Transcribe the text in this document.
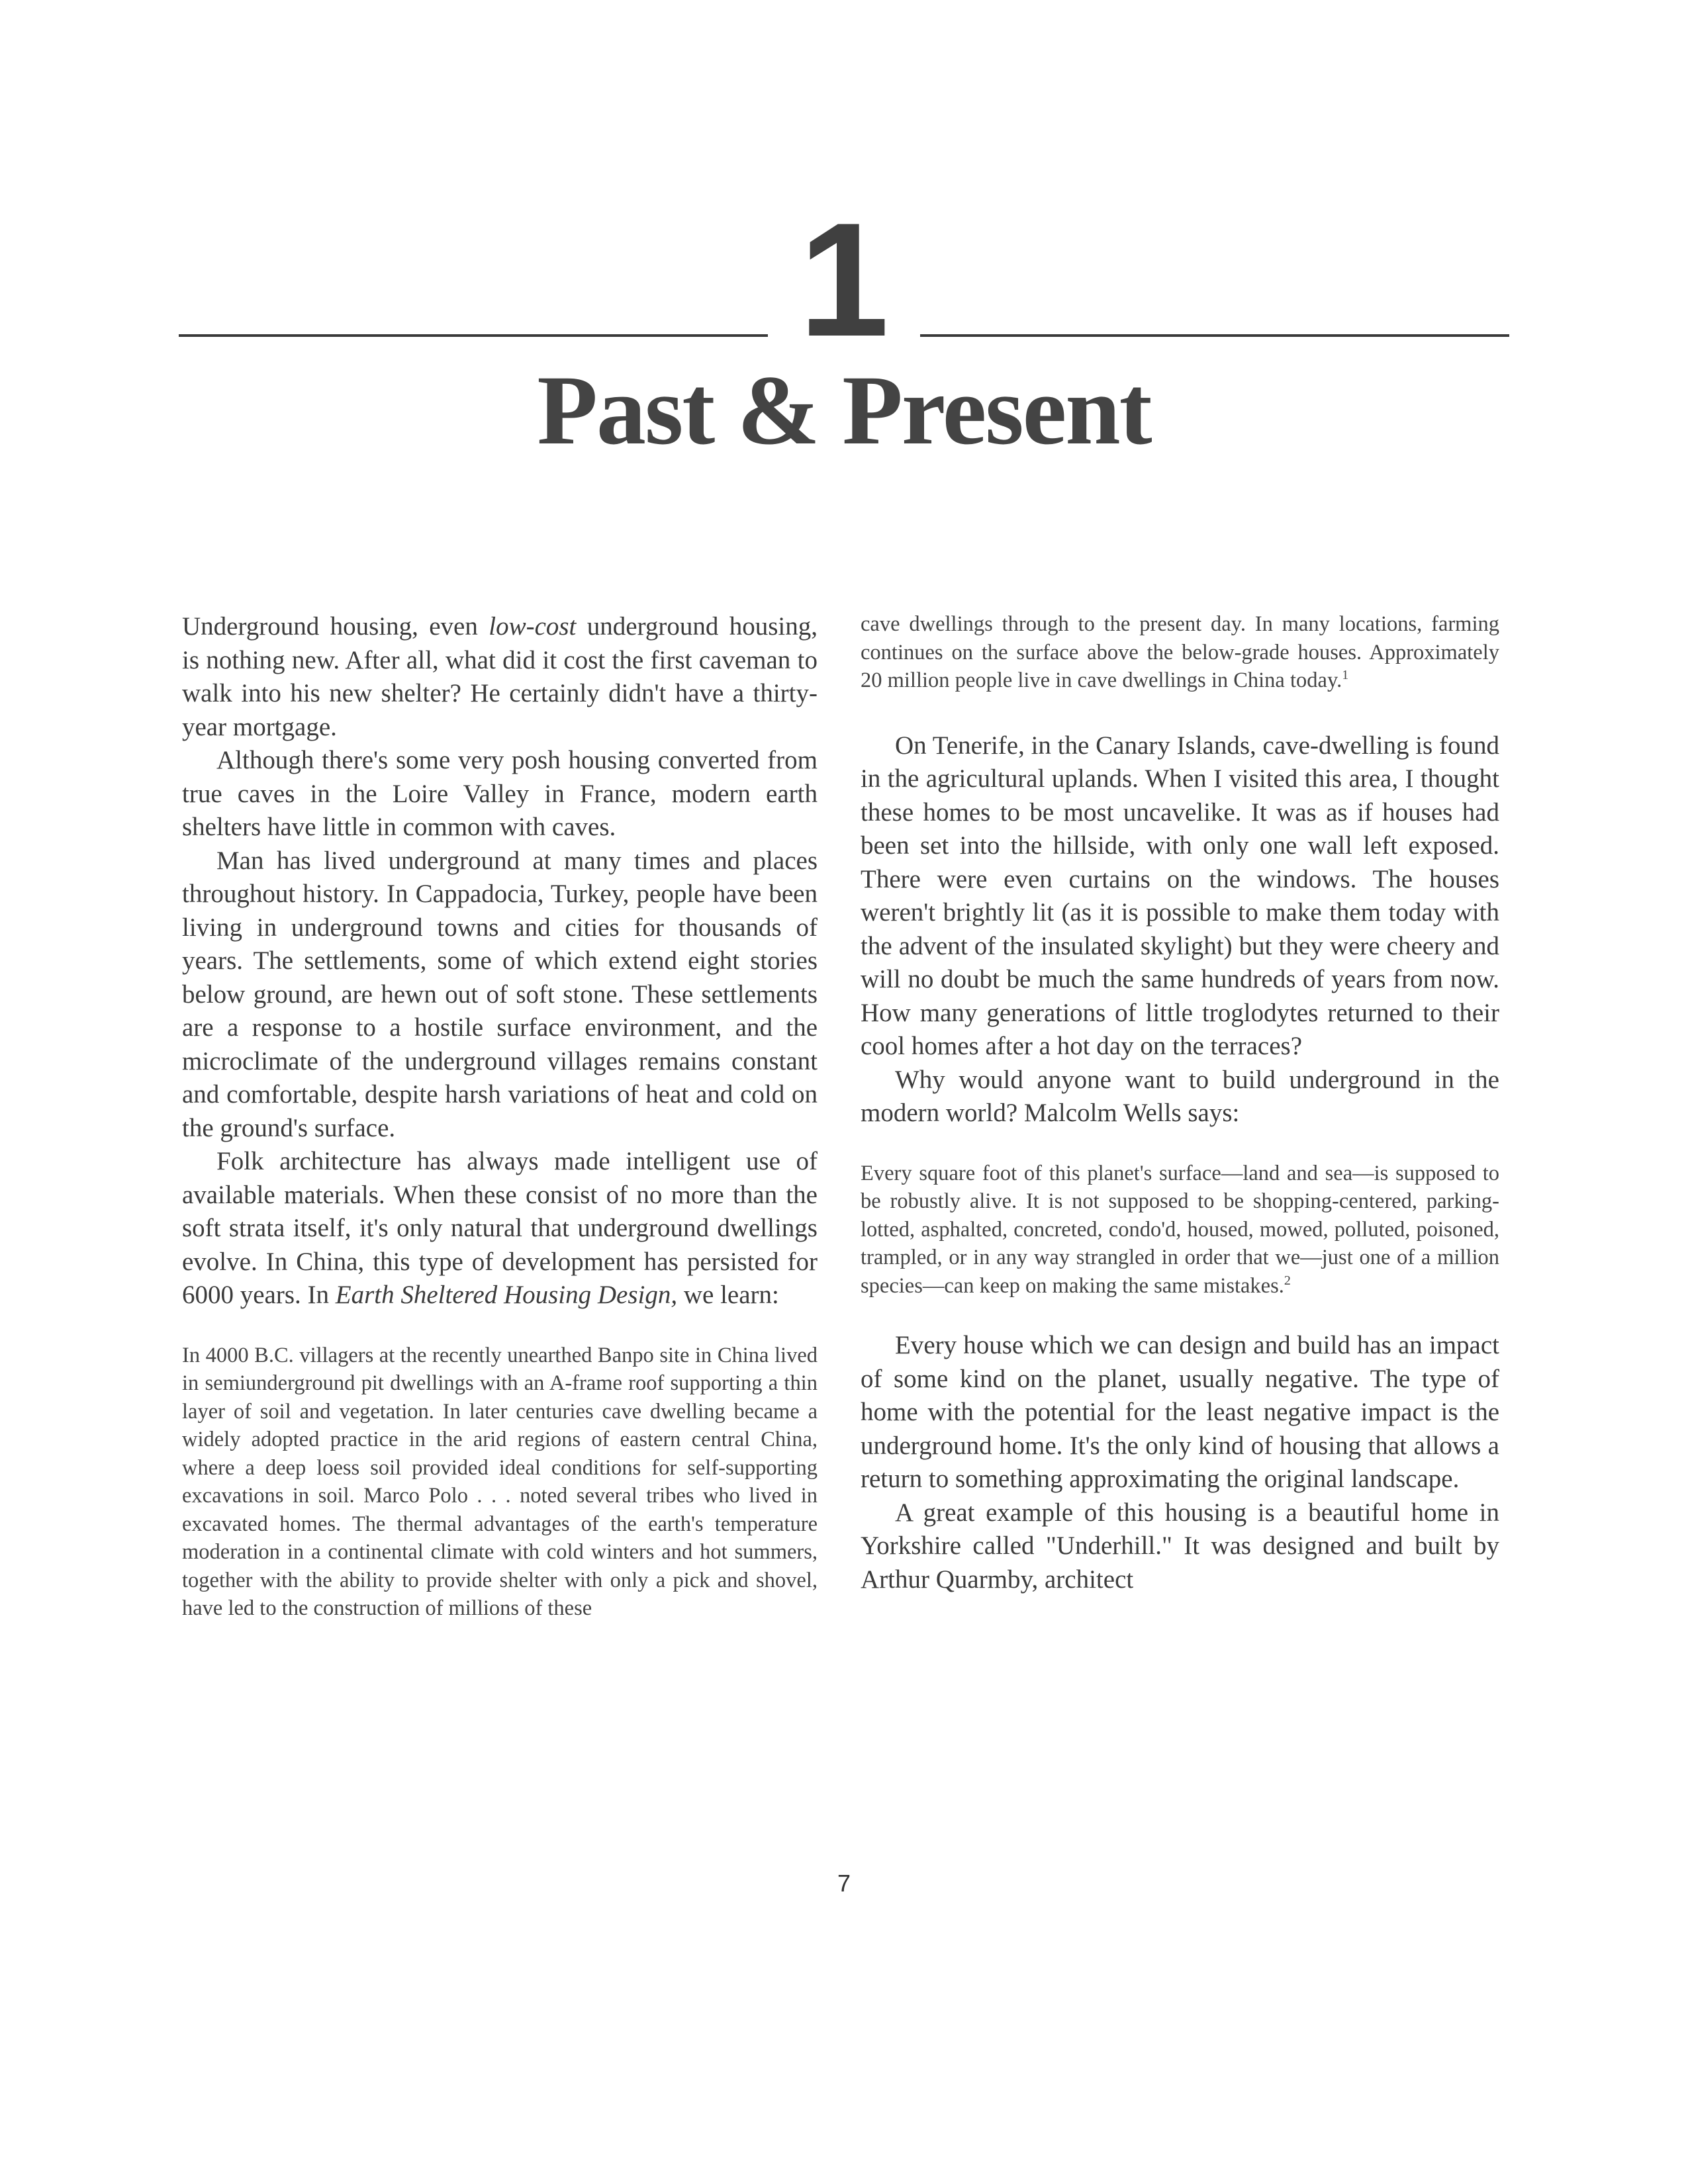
1
Past & Present

Underground housing, even low-cost underground housing, is nothing new. After all, what did it cost the first caveman to walk into his new shelter? He certainly didn't have a thirty-year mortgage.

Although there's some very posh housing converted from true caves in the Loire Valley in France, modern earth shelters have little in common with caves.

Man has lived underground at many times and places throughout history. In Cappadocia, Turkey, people have been living in underground towns and cities for thousands of years. The settlements, some of which extend eight stories below ground, are hewn out of soft stone. These settlements are a response to a hostile surface environment, and the microclimate of the underground villages remains constant and comfortable, despite harsh variations of heat and cold on the ground's surface.

Folk architecture has always made intelligent use of available materials. When these consist of no more than the soft strata itself, it's only natural that underground dwellings evolve. In China, this type of development has persisted for 6000 years. In Earth Sheltered Housing Design, we learn:

In 4000 B.C. villagers at the recently unearthed Banpo site in China lived in semiunderground pit dwellings with an A-frame roof supporting a thin layer of soil and vegetation. In later centuries cave dwelling became a widely adopted practice in the arid regions of eastern central China, where a deep loess soil provided ideal conditions for self-supporting excavations in soil. Marco Polo . . . noted several tribes who lived in excavated homes. The thermal advantages of the earth's temperature moderation in a continental climate with cold winters and hot summers, together with the ability to provide shelter with only a pick and shovel, have led to the construction of millions of these

cave dwellings through to the present day. In many locations, farming continues on the surface above the below-grade houses. Approximately 20 million people live in cave dwellings in China today.$^1$

On Tenerife, in the Canary Islands, cave-dwelling is found in the agricultural uplands. When I visited this area, I thought these homes to be most uncavelike. It was as if houses had been set into the hillside, with only one wall left exposed. There were even curtains on the windows. The houses weren't brightly lit (as it is possible to make them today with the advent of the insulated skylight) but they were cheery and will no doubt be much the same hundreds of years from now. How many generations of little troglodytes returned to their cool homes after a hot day on the terraces?

Why would anyone want to build underground in the modern world? Malcolm Wells says:

Every square foot of this planet's surface—land and sea—is supposed to be robustly alive. It is not supposed to be shopping-centered, parking-lotted, asphalted, concreted, condo'd, housed, mowed, polluted, poisoned, trampled, or in any way strangled in order that we—just one of a million species—can keep on making the same mistakes.$^2$

Every house which we can design and build has an impact of some kind on the planet, usually negative. The type of home with the potential for the least negative impact is the underground home. It's the only kind of housing that allows a return to something approximating the original landscape.

A great example of this housing is a beautiful home in Yorkshire called "Underhill." It was designed and built by Arthur Quarmby, architect

7
